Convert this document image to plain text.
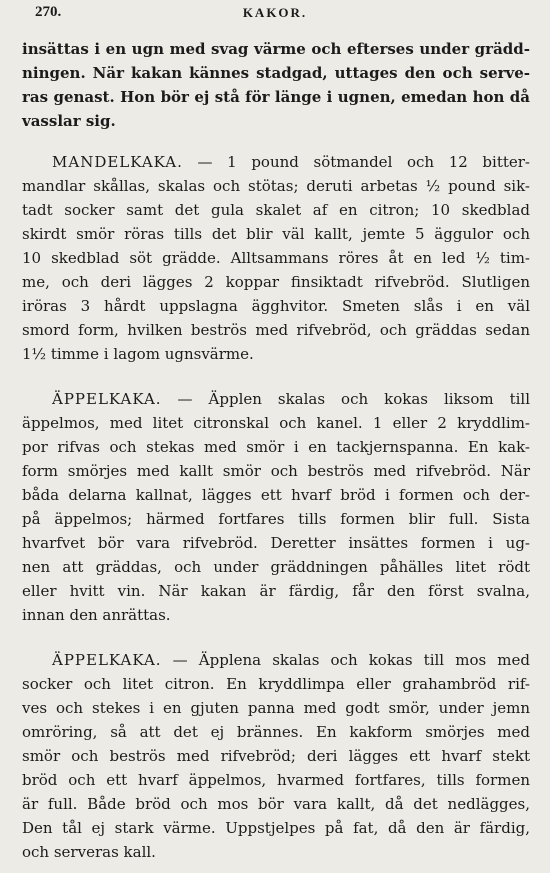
270.	KAKOR.
insättas i en ugn med svag värme och efterses under grädd-
ningen. När kakan kännes stadgad, uttages den och serve-
ras genast. Hon bör ej stå för länge i ugnen, emedan hon då
vasslar sig.
MANDELKAKA. — 1 pound sötmandel och 12 bitter-
mandlar skållas, skalas och stötas; deruti arbetas ½ pound sik-
tadt socker samt det gula skalet af en citron; 10 skedblad
skirdt smör röras tills det blir väl kallt, jemte 5 äggulor och
10 skedblad söt grädde. Alltsammans röres åt en led ½ tim-
me, och deri lägges 2 koppar finsiktadt rifvebröd. Slutligen
iröras 3 hårdt uppslagna ägghvitor. Smeten slås i en väl
smord form, hvilken beströs med rifvebröd, och gräddas sedan
1½ timme i lagom ugnsvärme.
ÄPPELKAKA. — Äpplen skalas och kokas liksom till
äppelmos, med litet citronskal och kanel. 1 eller 2 kryddlim-
por rifvas och stekas med smör i en tackjernspanna. En kak-
form smörjes med kallt smör och beströs med rifvebröd. När
båda delarna kallnat, lägges ett hvarf bröd i formen och der-
på äppelmos; härmed fortfares tills formen blir full. Sista
hvarfvet bör vara rifvebröd. Deretter insättes formen i ug-
nen att gräddas, och under gräddningen påhälles litet rödt
eller hvitt vin. När kakan är färdig, får den först svalna,
innan den anrättas.
ÄPPELKAKA. — Äpplena skalas och kokas till mos med
socker och litet citron. En kryddlimpa eller grahambröd rif-
ves och stekes i en gjuten panna med godt smör, under jemn
omröring, så att det ej brännes. En kakform smörjes med
smör och beströs med rifvebröd; deri lägges ett hvarf stekt
bröd och ett hvarf äppelmos, hvarmed fortfares, tills formen
är full. Både bröd och mos bör vara kallt, då det nedlägges,
Den tål ej stark värme. Uppstjelpes på fat, då den är färdig,
och serveras kall.
